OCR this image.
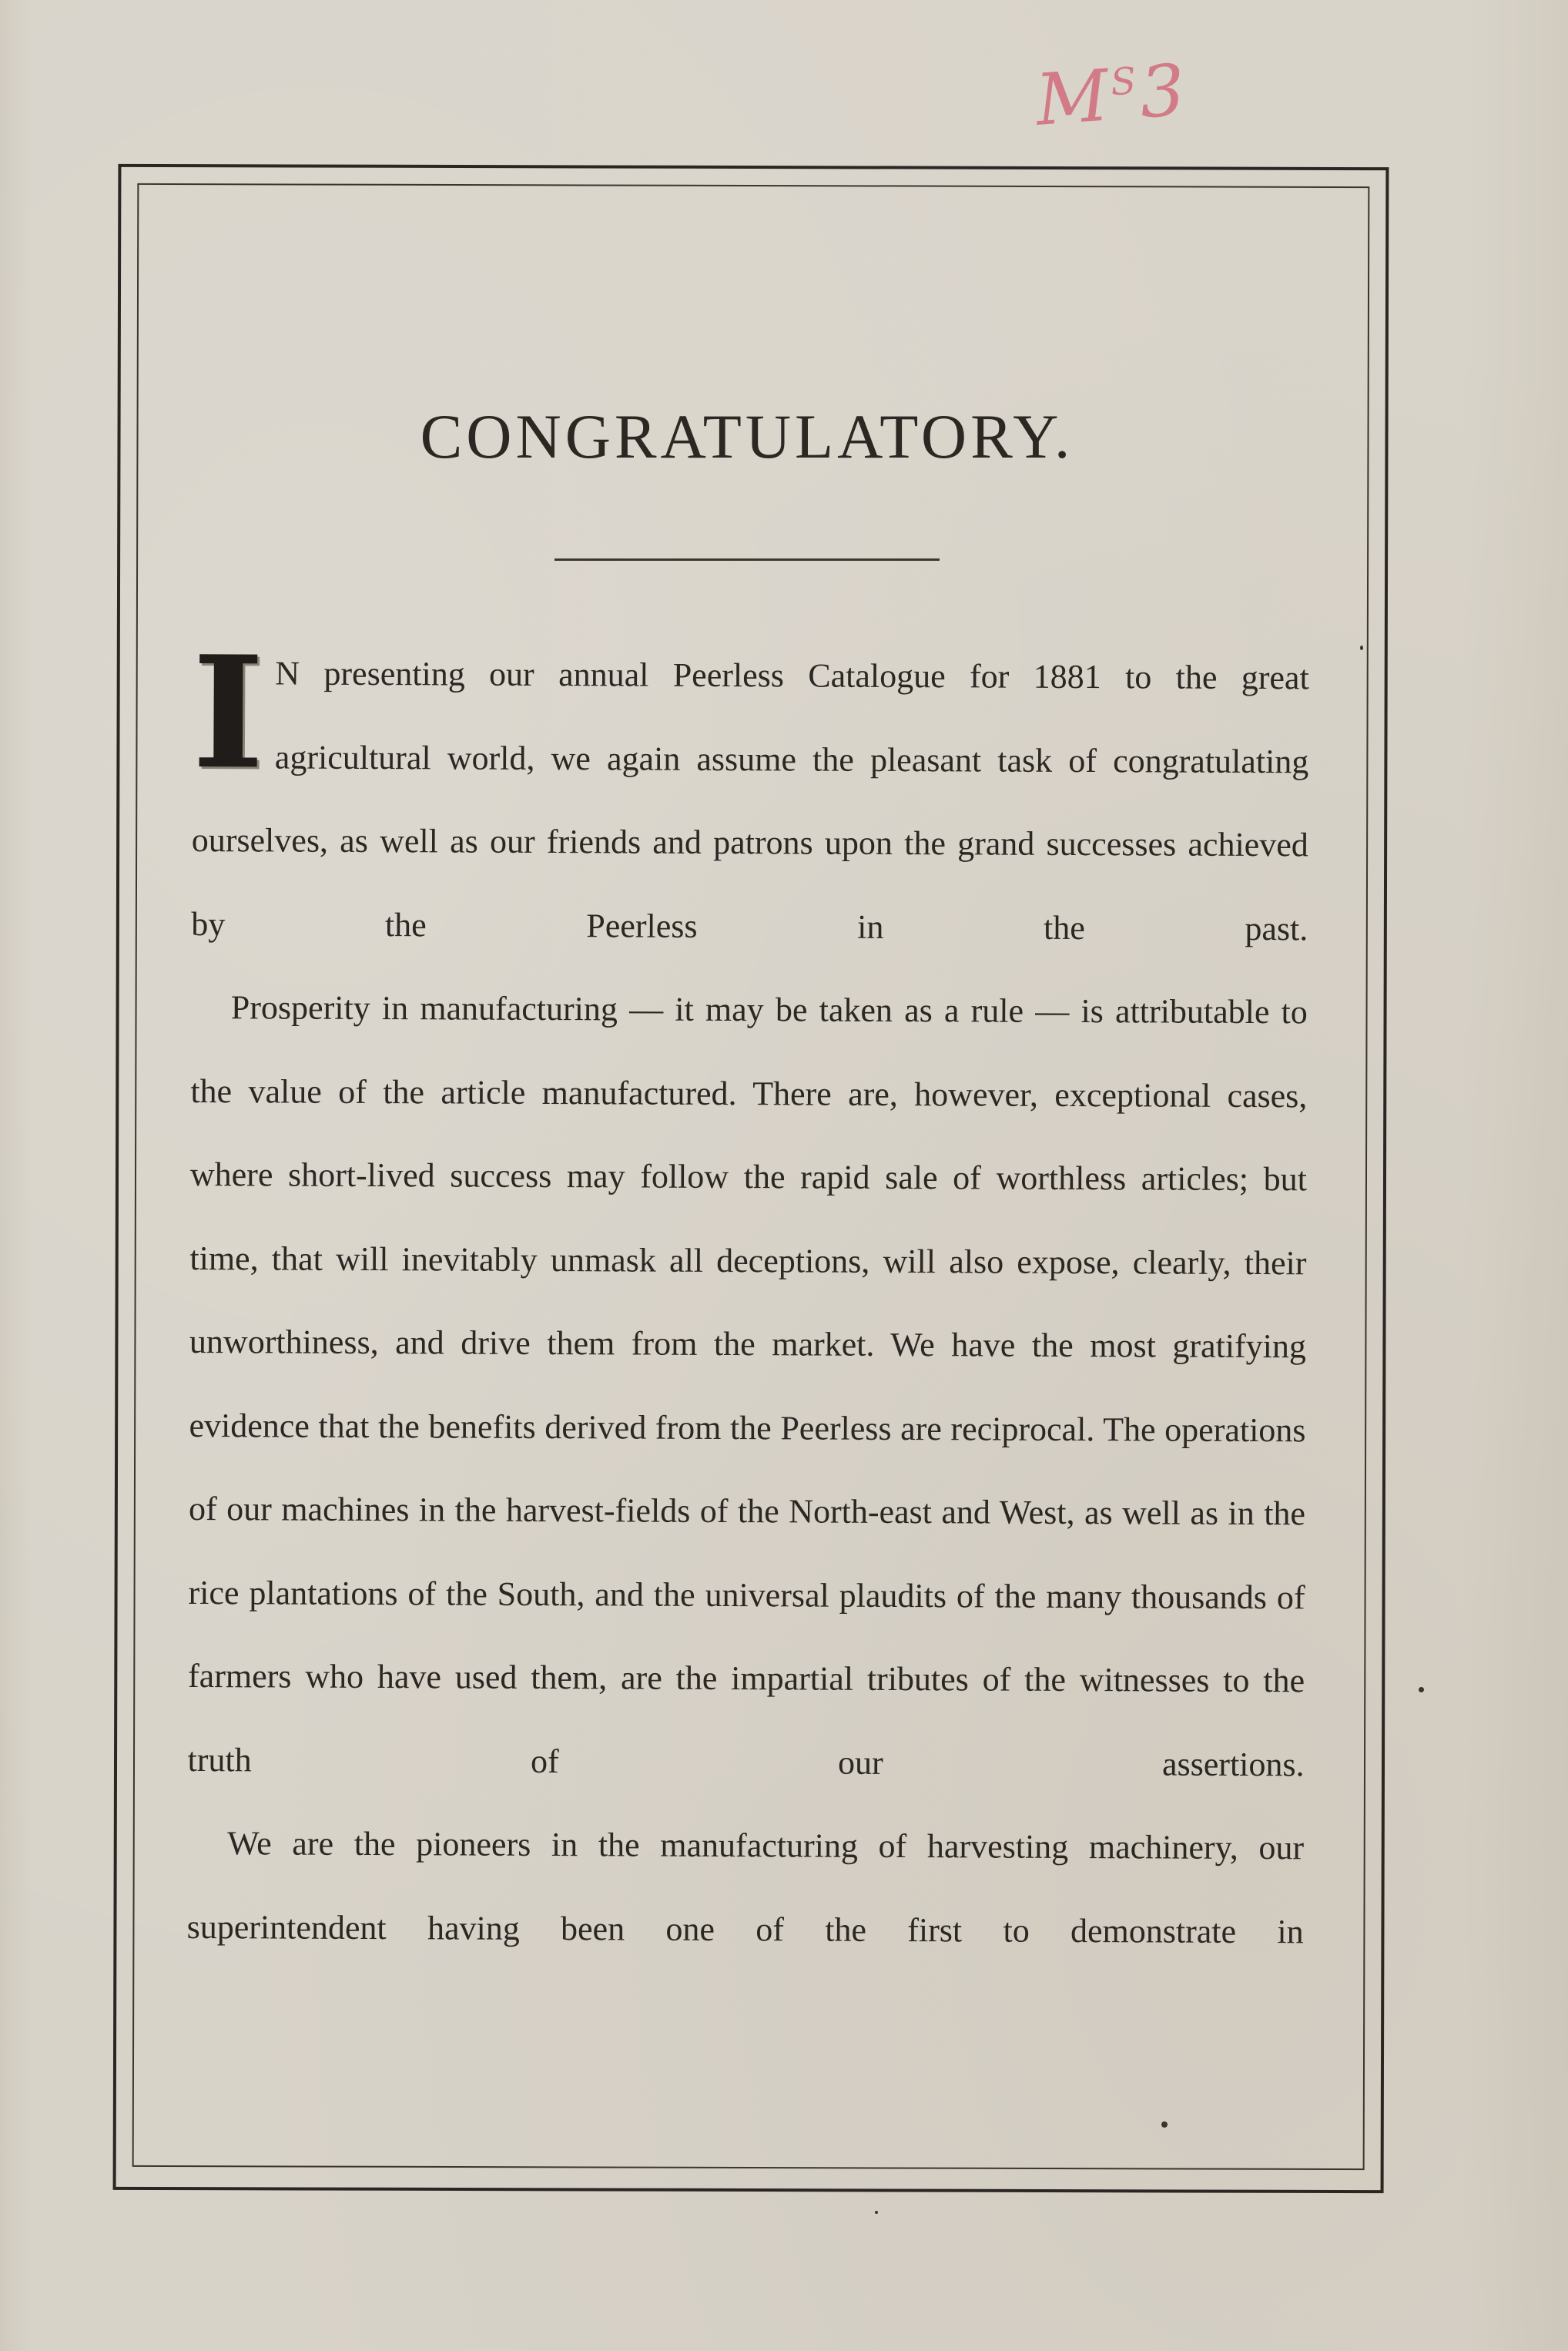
$M^S3$
CONGRATULATORY.

I N presenting our annual Peerless Catalogue for 1881 to the great agricultural world, we again assume the pleasant task of congratulating ourselves, as well as our friends and patrons upon the grand successes achieved by the Peerless in the past.

Prosperity in manufacturing — it may be taken as a rule — is attributable to the value of the article manufactured. There are, however, exceptional cases, where short-lived success may follow the rapid sale of worthless articles; but time, that will inevitably unmask all deceptions, will also expose, clearly, their unworthiness, and drive them from the market. We have the most gratifying evidence that the benefits derived from the Peerless are reciprocal. The operations of our machines in the harvest-fields of the North-east and West, as well as in the rice plantations of the South, and the universal plaudits of the many thousands of farmers who have used them, are the impartial tributes of the witnesses to the truth of our assertions.

We are the pioneers in the manufacturing of harvesting machinery, our superintendent having been one of the first to demonstrate in
